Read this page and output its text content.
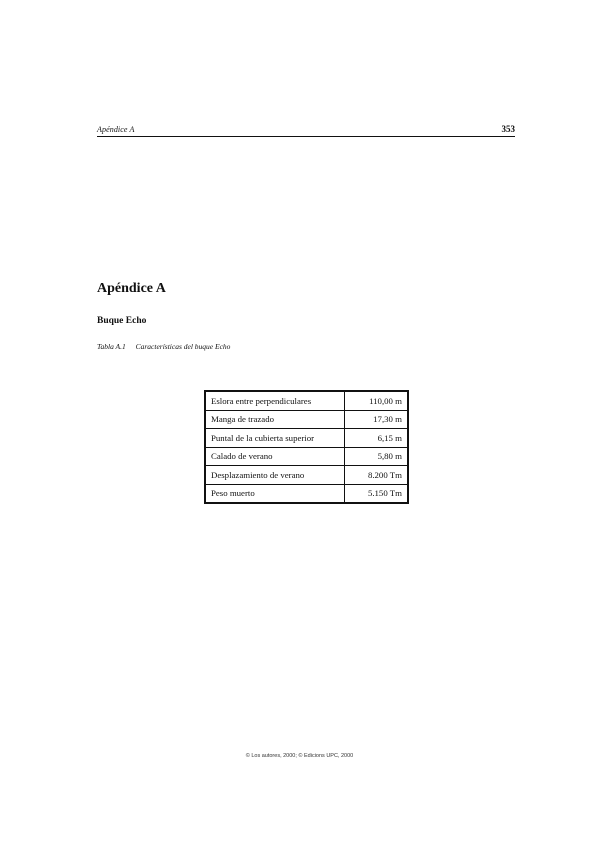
Apéndice A	353
Apéndice A
Buque Echo
Tabla A.1 Características del buque Echo
Eslora entre perpendiculares	110,00 m
Manga de trazado	17,30 m
Puntal de la cubierta superior	6,15 m
Calado de verano	5,80 m
Desplazamiento de verano	8.200 Tm
Peso muerto	5.150 Tm
© Los autores, 2000; © Edicions UPC, 2000
